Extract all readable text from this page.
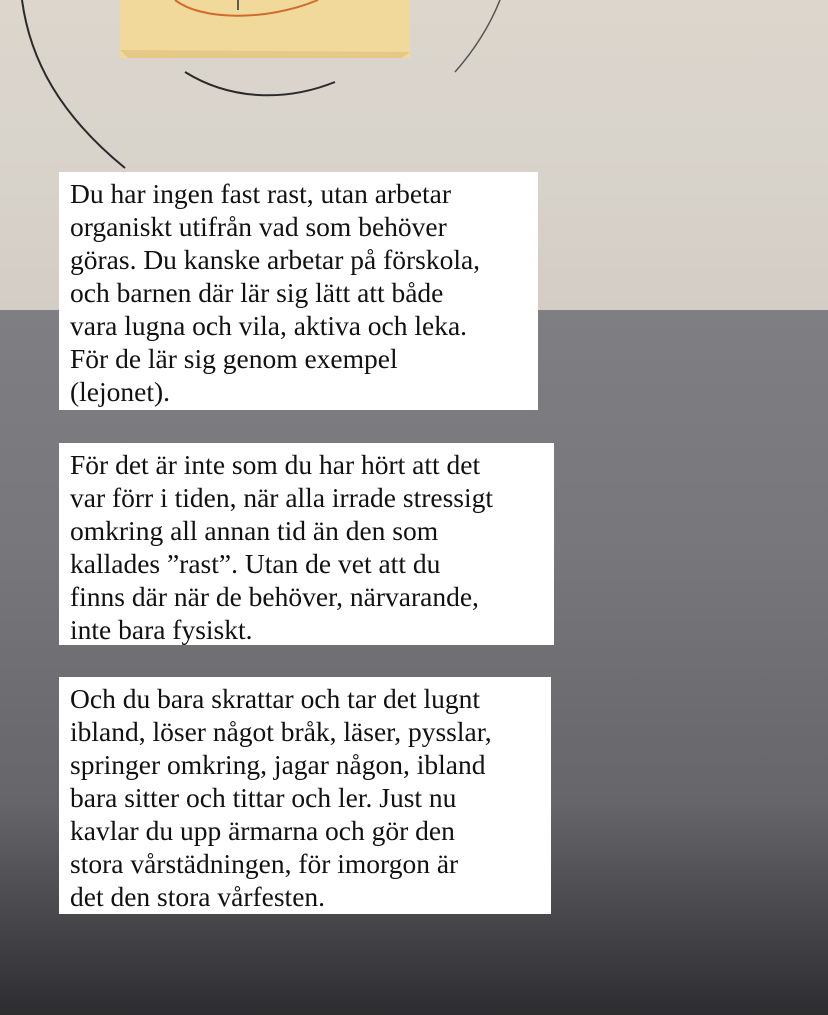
Du har ingen fast rast, utan arbetar
organiskt utifrån vad som behöver
göras. Du kanske arbetar på förskola,
och barnen där lär sig lätt att både
vara lugna och vila, aktiva och leka.
För de lär sig genom exempel
(lejonet).
För det är inte som du har hört att det
var förr i tiden, när alla irrade stressigt
omkring all annan tid än den som
kallades ”rast”. Utan de vet att du
finns där när de behöver, närvarande,
inte bara fysiskt.
Och du bara skrattar och tar det lugnt
ibland, löser något bråk, läser, pysslar,
springer omkring, jagar någon, ibland
bara sitter och tittar och ler. Just nu
kavlar du upp ärmarna och gör den
stora vårstädningen, för imorgon är
det den stora vårfesten.
